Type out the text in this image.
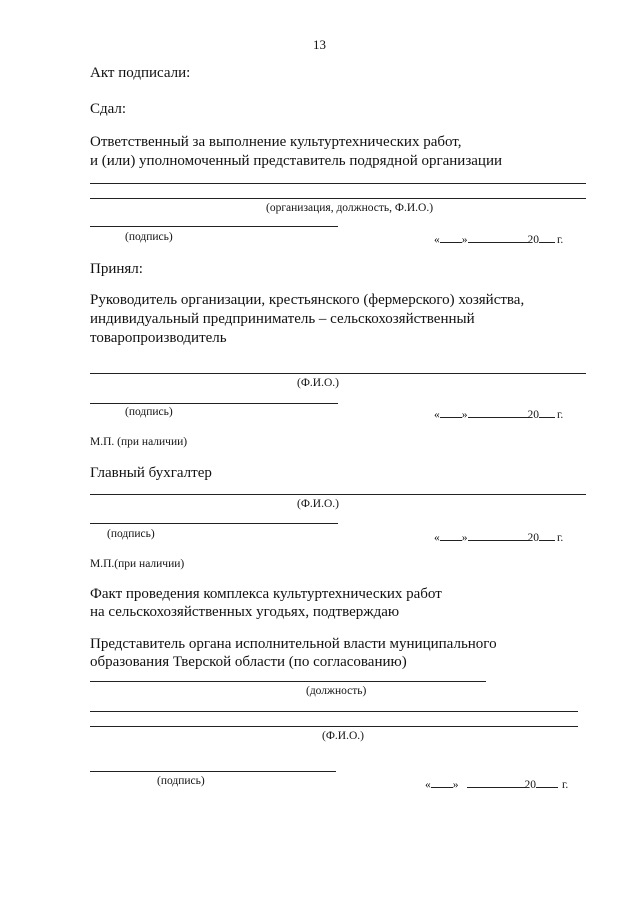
13
Акт подписали:
Сдал:
Ответственный за выполнение культуртехнических работ,
и (или) уполномоченный представитель подрядной организации
(организация, должность, Ф.И.О.)
(подпись)	« »	20 г.
Принял:
Руководитель организации, крестьянского (фермерского) хозяйства,
индивидуальный предприниматель – сельскохозяйственный
товаропроизводитель
(Ф.И.О.)
(подпись)	« »	20 г.
М.П. (при наличии)
Главный бухгалтер
(Ф.И.О.)
(подпись)	« »	20 г.
М.П.(при наличии)
Факт проведения комплекса культуртехнических работ
на сельскохозяйственных угодьях, подтверждаю
Представитель органа исполнительной власти муниципального
образования Тверской области (по согласованию)
(должность)
(Ф.И.О.)
(подпись)	« »	20 г.
